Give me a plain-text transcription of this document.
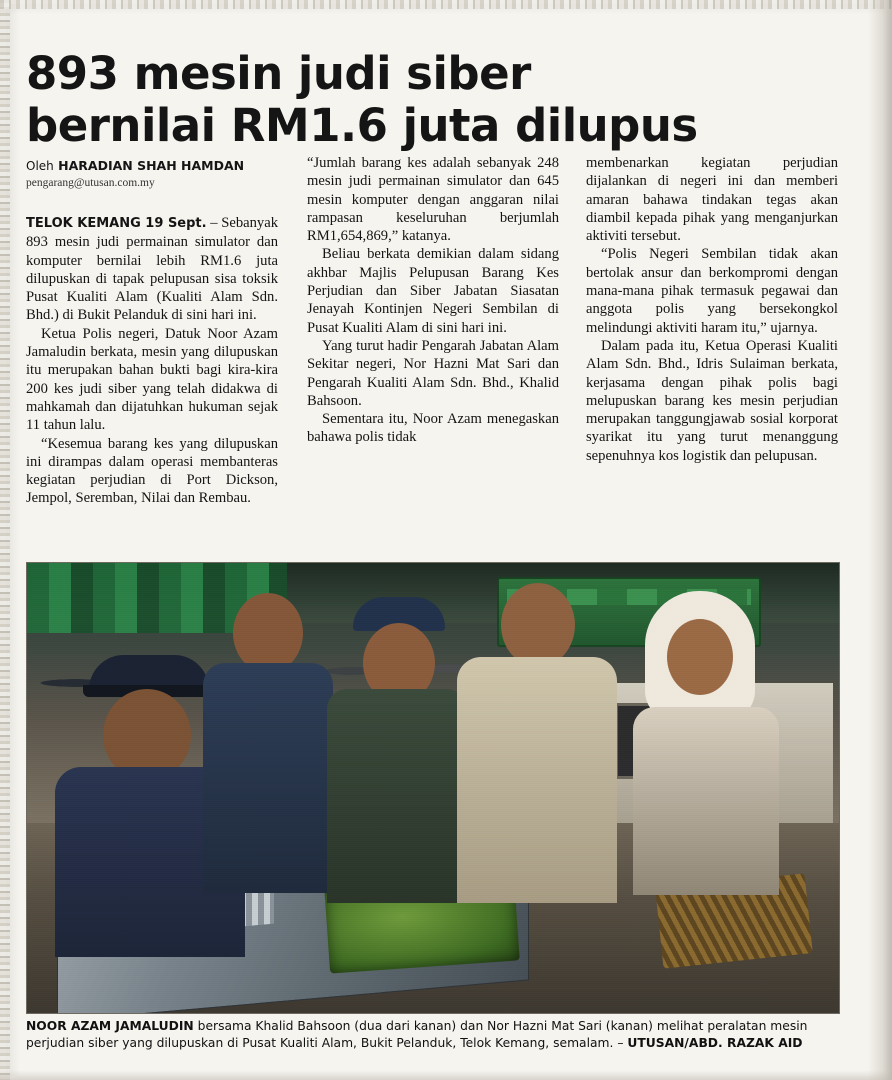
893 mesin judi siber
bernilai RM1.6 juta dilupus
Oleh HARADIAN SHAH HAMDAN
pengarang@utusan.com.my

TELOK KEMANG 19 Sept. – Sebanyak 893 mesin judi permainan simulator dan komputer bernilai lebih RM1.6 juta dilupuskan di tapak pelupusan sisa toksik Pusat Kualiti Alam (Kualiti Alam Sdn. Bhd.) di Bukit Pelanduk di sini hari ini.

Ketua Polis negeri, Datuk Noor Azam Jamaludin berkata, mesin yang dilupuskan itu merupakan bahan bukti bagi kira-kira 200 kes judi siber yang telah didakwa di mahkamah dan dijatuhkan hukuman sejak 11 tahun lalu.

“Kesemua barang kes yang dilupuskan ini dirampas dalam operasi membanteras kegiatan perjudian di Port Dickson, Jempol, Seremban, Nilai dan Rembau.

“Jumlah barang kes adalah sebanyak 248 mesin judi permainan simulator dan 645 mesin komputer dengan anggaran nilai rampasan keseluruhan berjumlah RM1,654,869,” katanya.

Beliau berkata demikian dalam sidang akhbar Majlis Pelupusan Barang Kes Perjudian dan Siber Jabatan Siasatan Jenayah Kontinjen Negeri Sembilan di Pusat Kualiti Alam di sini hari ini.

Yang turut hadir Pengarah Jabatan Alam Sekitar negeri, Nor Hazni Mat Sari dan Pengarah Kualiti Alam Sdn. Bhd., Khalid Bahsoon.

Sementara itu, Noor Azam menegaskan bahawa polis tidak

membenarkan kegiatan perjudian dijalankan di negeri ini dan memberi amaran bahawa tindakan tegas akan diambil kepada pihak yang menganjurkan aktiviti tersebut.

“Polis Negeri Sembilan tidak akan bertolak ansur dan berkompromi dengan mana-mana pihak termasuk pegawai dan anggota polis yang bersekongkol melindungi aktiviti haram itu,” ujarnya.

Dalam pada itu, Ketua Operasi Kualiti Alam Sdn. Bhd., Idris Sulaiman berkata, kerjasama dengan pihak polis bagi melupuskan barang kes mesin perjudian merupakan tanggungjawab sosial korporat syarikat itu yang turut menanggung sepenuhnya kos logistik dan pelupusan.

NOOR AZAM JAMALUDIN bersama Khalid Bahsoon (dua dari kanan) dan Nor Hazni Mat Sari (kanan) melihat peralatan mesin perjudian siber yang dilupuskan di Pusat Kualiti Alam, Bukit Pelanduk, Telok Kemang, semalam. – UTUSAN/ABD. RAZAK AID
